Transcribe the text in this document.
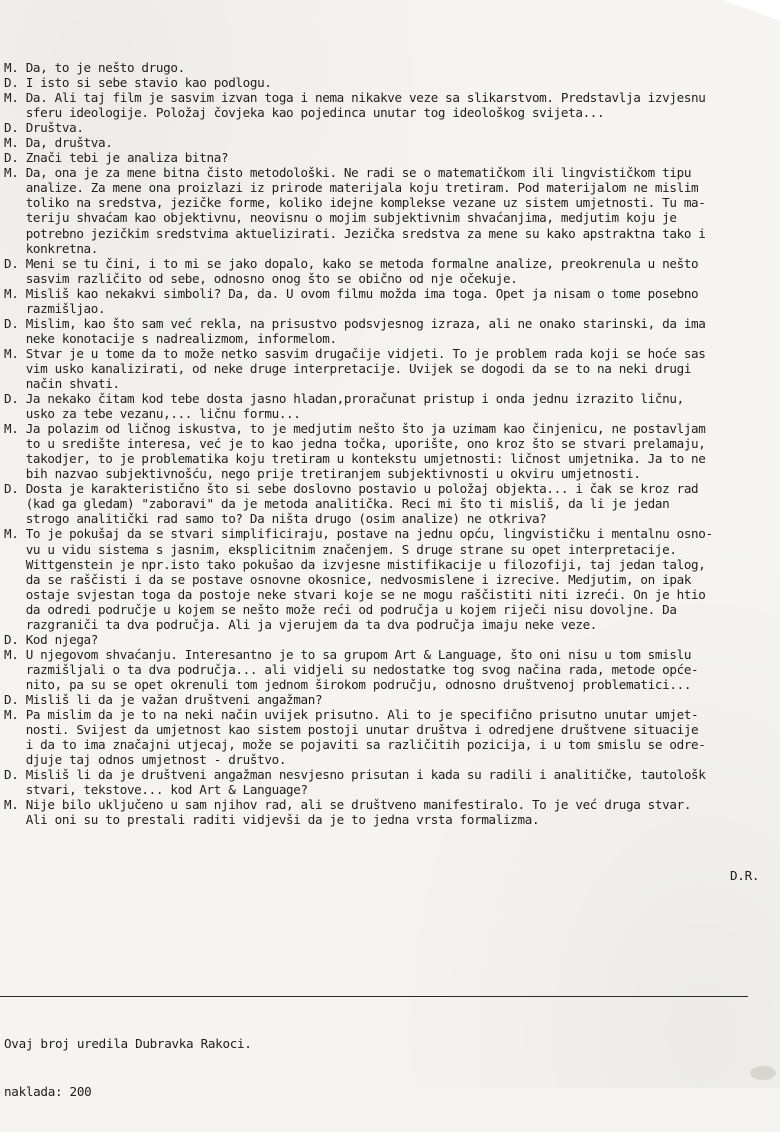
M. Da, to je nešto drugo.
D. I isto si sebe stavio kao podlogu.
M. Da. Ali taj film je sasvim izvan toga i nema nikakve veze sa slikarstvom. Predstavlja izvjesnu
sferu ideologije. Položaj čovjeka kao pojedinca unutar tog ideološkog svijeta...
D. Društva.
M. Da, društva.
D. Znači tebi je analiza bitna?
M. Da, ona je za mene bitna čisto metodološki. Ne radi se o matematičkom ili lingvističkom tipu
analize. Za mene ona proizlazi iz prirode materijala koju tretiram. Pod materijalom ne mislim
toliko na sredstva, jezičke forme, koliko idejne komplekse vezane uz sistem umjetnosti. Tu ma-
teriju shvaćam kao objektivnu, neovisnu o mojim subjektivnim shvaćanjima, medjutim koju je
potrebno jezičkim sredstvima aktuelizirati. Jezička sredstva za mene su kako apstraktna tako i
konkretna.
D. Meni se tu čini, i to mi se jako dopalo, kako se metoda formalne analize, preokrenula u nešto
sasvim različito od sebe, odnosno onog što se obično od nje očekuje.
M. Misliš kao nekakvi simboli? Da, da. U ovom filmu možda ima toga. Opet ja nisam o tome posebno
razmišljao.
D. Mislim, kao što sam već rekla, na prisustvo podsvjesnog izraza, ali ne onako starinski, da ima
neke konotacije s nadrealizmom, informelom.
M. Stvar je u tome da to može netko sasvim drugačije vidjeti. To je problem rada koji se hoće sas
vim usko kanalizirati, od neke druge interpretacije. Uvijek se dogodi da se to na neki drugi
način shvati.
D. Ja nekako čitam kod tebe dosta jasno hladan,proračunat pristup i onda jednu izrazito ličnu,
usko za tebe vezanu,... ličnu formu...
M. Ja polazim od ličnog iskustva, to je medjutim nešto što ja uzimam kao činjenicu, ne postavljam
to u središte interesa, već je to kao jedna točka, uporište, ono kroz što se stvari prelamaju,
takodjer, to je problematika koju tretiram u kontekstu umjetnosti: ličnost umjetnika. Ja to ne
bih nazvao subjektivnošću, nego prije tretiranjem subjektivnosti u okviru umjetnosti.
D. Dosta je karakteristično što si sebe doslovno postavio u položaj objekta... i čak se kroz rad
(kad ga gledam) "zaboravi" da je metoda analitička. Reci mi što ti misliš, da li je jedan
strogo analitički rad samo to? Da ništa drugo (osim analize) ne otkriva?
M. To je pokušaj da se stvari simplificiraju, postave na jednu opću, lingvističku i mentalnu osno-
vu u vidu sistema s jasnim, eksplicitnim značenjem. S druge strane su opet interpretacije.
Wittgenstein je npr.isto tako pokušao da izvjesne mistifikacije u filozofiji, taj jedan talog,
da se raščisti i da se postave osnovne okosnice, nedvosmislene i izrecive. Medjutim, on ipak
ostaje svjestan toga da postoje neke stvari koje se ne mogu raščistiti niti izreći. On je htio
da odredi područje u kojem se nešto može reći od područja u kojem riječi nisu dovoljne. Da
razgraniči ta dva područja. Ali ja vjerujem da ta dva područja imaju neke veze.
D. Kod njega?
M. U njegovom shvaćanju. Interesantno je to sa grupom Art & Language, što oni nisu u tom smislu
razmišljali o ta dva područja... ali vidjeli su nedostatke tog svog načina rada, metode opće-
nito, pa su se opet okrenuli tom jednom širokom području, odnosno društvenoj problematici...
D. Misliš li da je važan društveni angažman?
M. Pa mislim da je to na neki način uvijek prisutno. Ali to je specifično prisutno unutar umjet-
nosti. Svijest da umjetnost kao sistem postoji unutar društva i odredjene društvene situacije
i da to ima značajni utjecaj, može se pojaviti sa različitih pozicija, i u tom smislu se odre-
djuje taj odnos umjetnost - društvo.
D. Misliš li da je društveni angažman nesvjesno prisutan i kada su radili i analitičke, tautološk
stvari, tekstove... kod Art & Language?
M. Nije bilo uključeno u sam njihov rad, ali se društveno manifestiralo. To je već druga stvar.
Ali oni su to prestali raditi vidjevši da je to jedna vrsta formalizma.
D.R.

Ovaj broj uredila Dubravka Rakoci.

naklada: 200
